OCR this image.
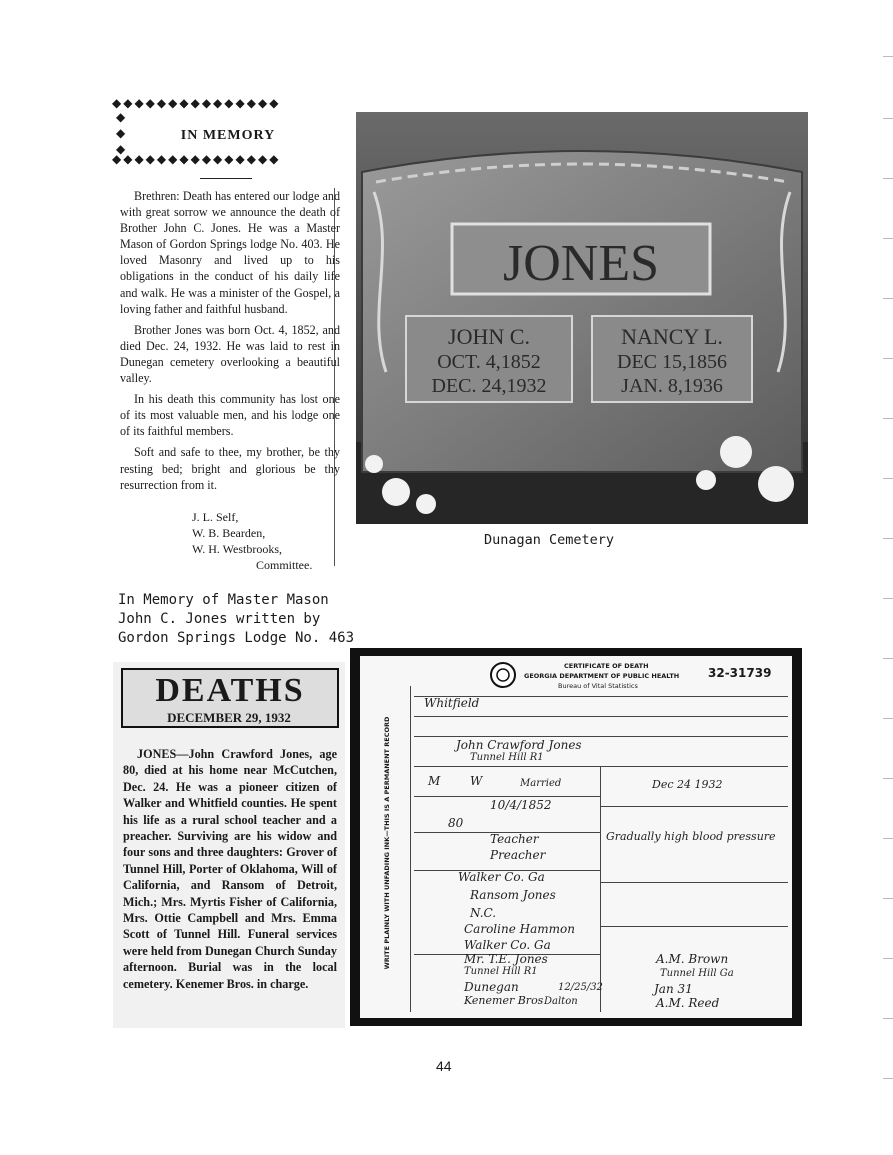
◆◆◆◆◆◆◆◆◆◆◆◆◆◆◆
◆
◆
◆
IN MEMORY
◆◆◆◆◆◆◆◆◆◆◆◆◆◆◆

Brethren: Death has entered our lodge and with great sorrow we announce the death of Brother John C. Jones. He was a Master Mason of Gordon Springs lodge No. 403. He loved Masonry and lived up to his obligations in the conduct of his daily life and walk. He was a minister of the Gospel, a loving father and faithful husband.

Brother Jones was born Oct. 4, 1852, and died Dec. 24, 1932. He was laid to rest in Dunegan cemetery overlooking a beautiful valley.

In his death this community has lost one of its most valuable men, and his lodge one of its faithful members.

Soft and safe to thee, my brother, be thy resting bed; bright and glorious be thy resurrection from it.

J. L. Self,
W. B. Bearden,
W. H. Westbrooks,
Committee.
JONES
JOHN C.
OCT. 4,1852
DEC. 24,1932
NANCY L.
DEC 15,1856
JAN. 8,1936
Dunagan Cemetery
In Memory of Master Mason
John C. Jones written by
Gordon Springs Lodge No. 463
DEATHS
DECEMBER 29, 1932
JONES—John Crawford Jones, age 80, died at his home near McCutchen, Dec. 24. He was a pioneer citizen of Walker and Whitfield counties. He spent his life as a rural school teacher and a preacher. Surviving are his widow and four sons and three daughters: Grover of Tunnel Hill, Porter of Oklahoma, Will of California, and Ransom of Detroit, Mich.; Mrs. Myrtis Fisher of California, Mrs. Ottie Campbell and Mrs. Emma Scott of Tunnel Hill. Funeral services were held from Dunegan Church Sunday afternoon. Burial was in the local cemetery. Kenemer Bros. in charge.
WRITE PLAINLY WITH UNFADING INK—THIS IS A PERMANENT RECORD
CERTIFICATE OF DEATH
GEORGIA DEPARTMENT OF PUBLIC HEALTH
Bureau of Vital Statistics
32-31739
Whitfield
John Crawford Jones
Tunnel Hill R1
M W	Married
10/4/1852
80
Teacher
Preacher
Walker Co. Ga
Ransom Jones
N.C.
Caroline Hammon
Walker Co. Ga
Mr. T.E. Jones
Tunnel Hill R1
Dunegan	12/25/32
Kenemer Bros Dalton
Dec 24 1932
Gradually high blood pressure
A.M. Brown
Tunnel Hill Ga
Jan 31
A.M. Reed
44
